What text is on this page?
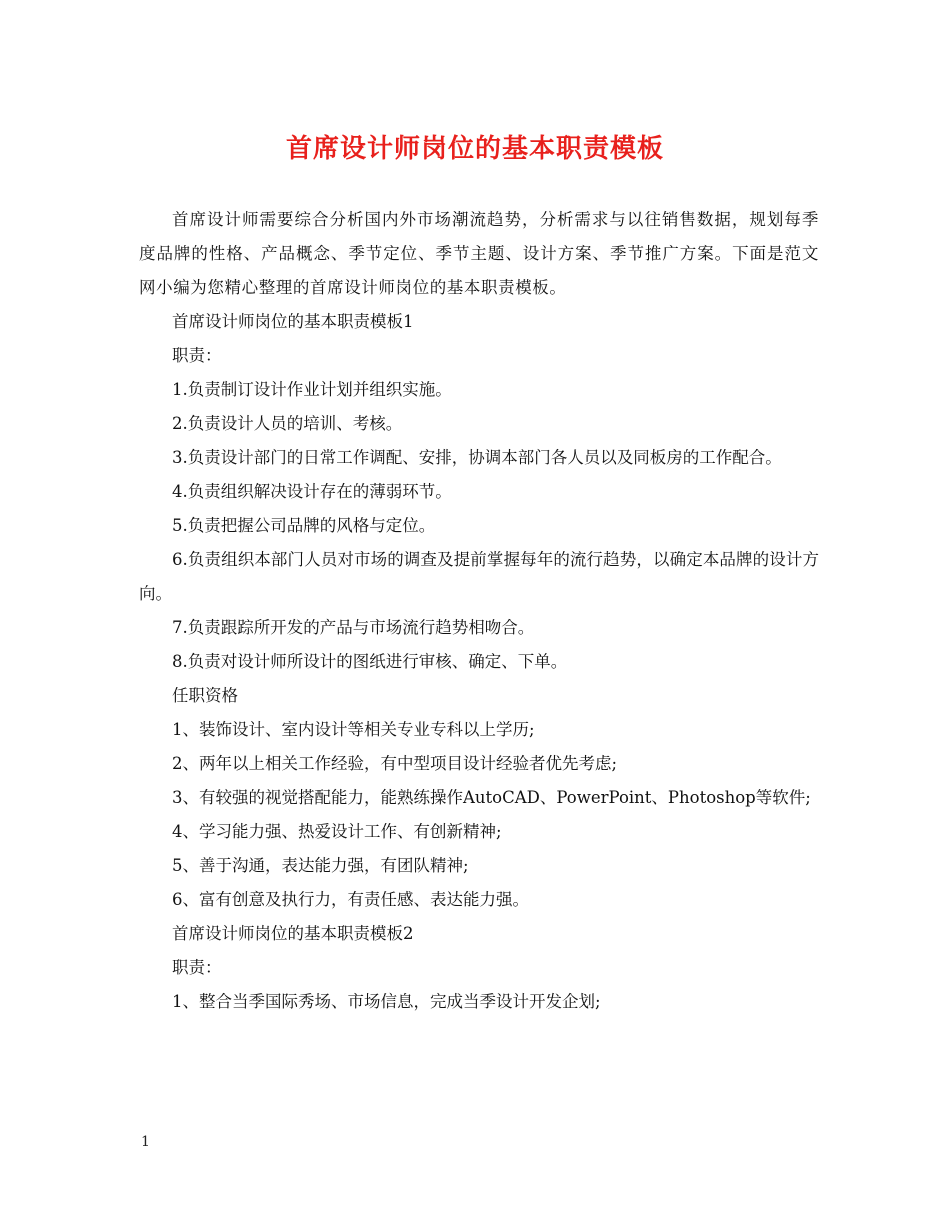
首席设计师岗位的基本职责模板

首席设计师需要综合分析国内外市场潮流趋势，分析需求与以往销售数据，规划每季度品牌的性格、产品概念、季节定位、季节主题、设计方案、季节推广方案。下面是范文网小编为您精心整理的首席设计师岗位的基本职责模板。

首席设计师岗位的基本职责模板1

职责：

1.负责制订设计作业计划并组织实施。

2.负责设计人员的培训、考核。

3.负责设计部门的日常工作调配、安排，协调本部门各人员以及同板房的工作配合。

4.负责组织解决设计存在的薄弱环节。

5.负责把握公司品牌的风格与定位。

6.负责组织本部门人员对市场的调查及提前掌握每年的流行趋势，以确定本品牌的设计方向。

7.负责跟踪所开发的产品与市场流行趋势相吻合。

8.负责对设计师所设计的图纸进行审核、确定、下单。

任职资格

1、装饰设计、室内设计等相关专业专科以上学历;

2、两年以上相关工作经验，有中型项目设计经验者优先考虑;

3、有较强的视觉搭配能力，能熟练操作AutoCAD、PowerPoint、Photoshop等软件;

4、学习能力强、热爱设计工作、有创新精神;

5、善于沟通，表达能力强，有团队精神;

6、富有创意及执行力，有责任感、表达能力强。

首席设计师岗位的基本职责模板2

职责：

1、整合当季国际秀场、市场信息，完成当季设计开发企划;

1
